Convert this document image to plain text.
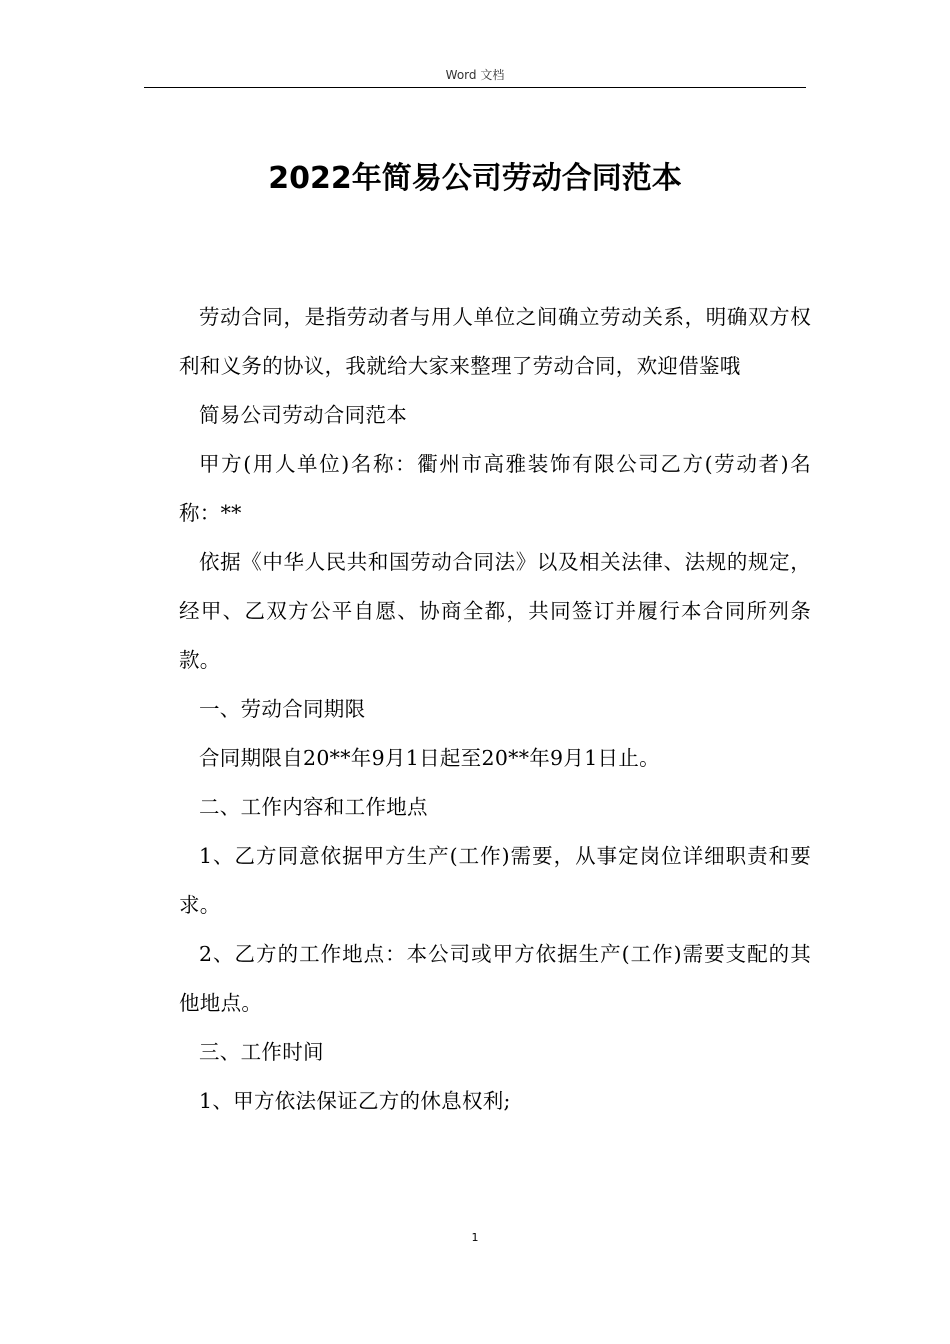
Word 文档
2022年简易公司劳动合同范本

劳动合同，是指劳动者与用人单位之间确立劳动关系，明确双方权利和义务的协议，我就给大家来整理了劳动合同，欢迎借鉴哦

简易公司劳动合同范本

甲方(用人单位)名称：衢州市高雅装饰有限公司乙方(劳动者)名称：**

依据《中华人民共和国劳动合同法》以及相关法律、法规的规定，经甲、乙双方公平自愿、协商全都，共同签订并履行本合同所列条款。

一、劳动合同期限

合同期限自20**年9月1日起至20**年9月1日止。

二、工作内容和工作地点

1、乙方同意依据甲方生产(工作)需要，从事定岗位详细职责和要求。

2、乙方的工作地点：本公司或甲方依据生产(工作)需要支配的其他地点。

三、工作时间

1、甲方依法保证乙方的休息权利;

1
